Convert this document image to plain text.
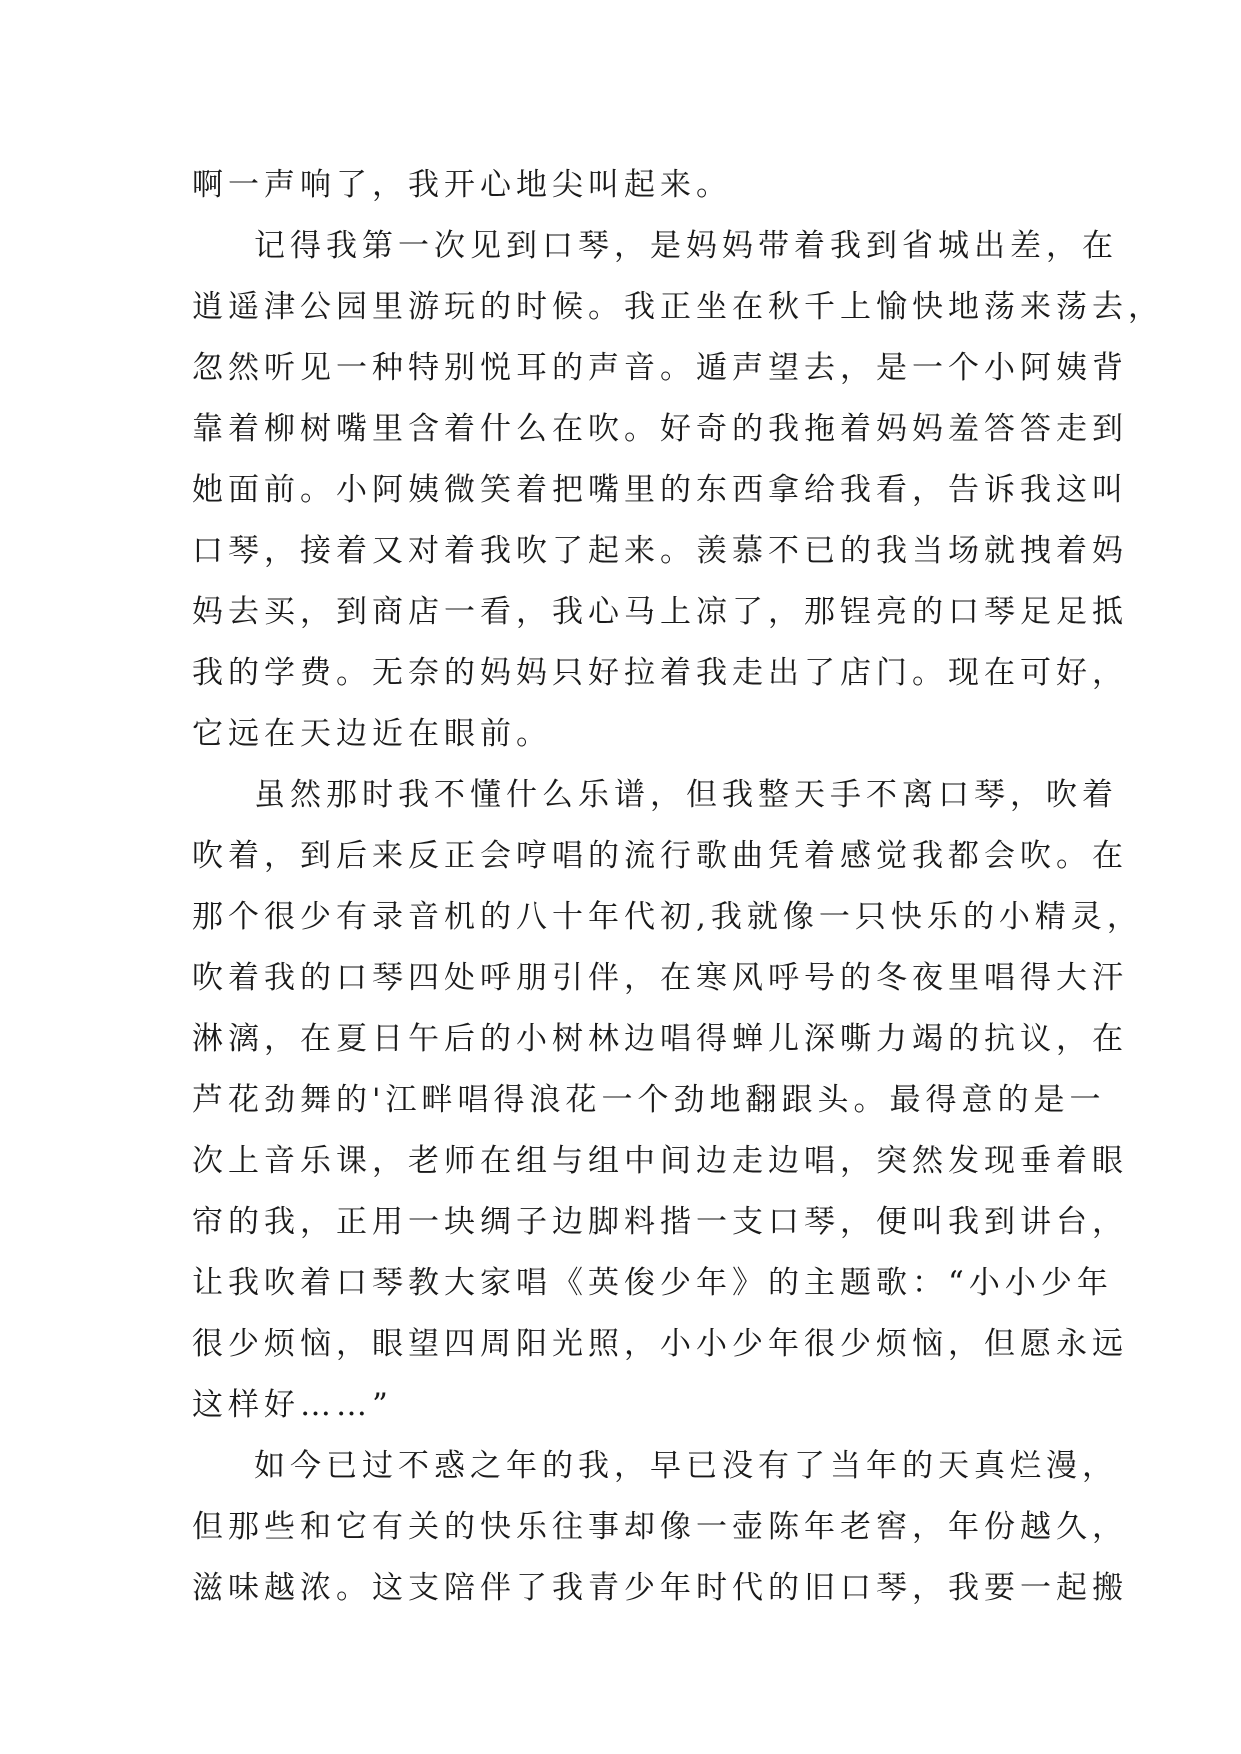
啊一声响了，我开心地尖叫起来。
记得我第一次见到口琴，是妈妈带着我到省城出差，在
逍遥津公园里游玩的时候。我正坐在秋千上愉快地荡来荡去，
忽然听见一种特别悦耳的声音。遁声望去，是一个小阿姨背
靠着柳树嘴里含着什么在吹。好奇的我拖着妈妈羞答答走到
她面前。小阿姨微笑着把嘴里的东西拿给我看，告诉我这叫
口琴，接着又对着我吹了起来。羡慕不已的我当场就拽着妈
妈去买，到商店一看，我心马上凉了，那锃亮的口琴足足抵
我的学费。无奈的妈妈只好拉着我走出了店门。现在可好，
它远在天边近在眼前。
虽然那时我不懂什么乐谱，但我整天手不离口琴，吹着
吹着，到后来反正会哼唱的流行歌曲凭着感觉我都会吹。在
那个很少有录音机的八十年代初,我就像一只快乐的小精灵，
吹着我的口琴四处呼朋引伴，在寒风呼号的冬夜里唱得大汗
淋漓，在夏日午后的小树林边唱得蝉儿深嘶力竭的抗议，在
芦花劲舞的'江畔唱得浪花一个劲地翻跟头。最得意的是一
次上音乐课，老师在组与组中间边走边唱，突然发现垂着眼
帘的我，正用一块绸子边脚料揩一支口琴，便叫我到讲台，
让我吹着口琴教大家唱《英俊少年》的主题歌：“小小少年
很少烦恼，眼望四周阳光照，小小少年很少烦恼，但愿永远
这样好……”
如今已过不惑之年的我，早已没有了当年的天真烂漫，
但那些和它有关的快乐往事却像一壶陈年老窖，年份越久，
滋味越浓。这支陪伴了我青少年时代的旧口琴，我要一起搬
